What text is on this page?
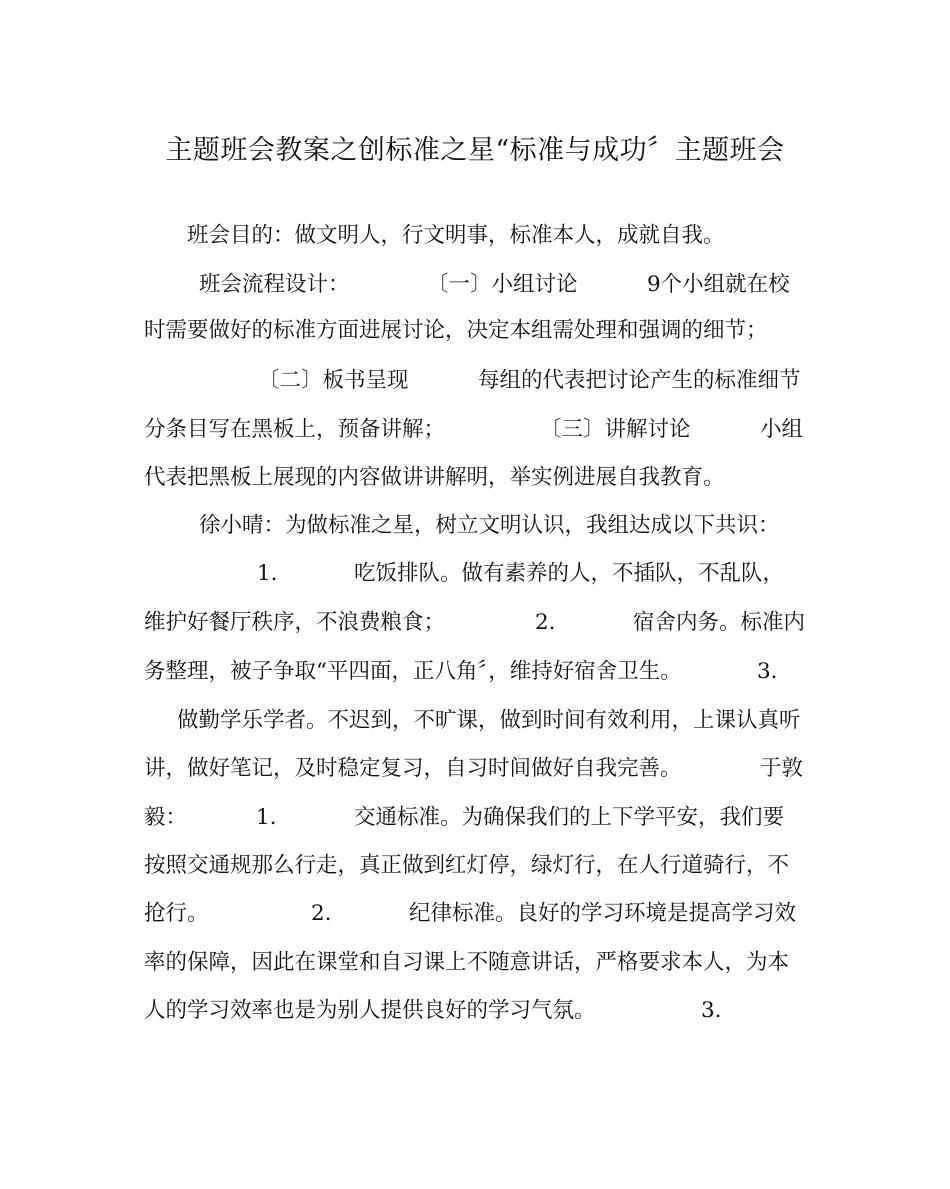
主题班会教案之创标准之星“标准与成功〞主题班会
班会目的：做文明人，行文明事，标准本人，成就自我。
班会流程设计：	〔一〕小组讨论	9个小组就在校
时需要做好的标准方面进展讨论，决定本组需处理和强调的细节；
〔二〕板书呈现	每组的代表把讨论产生的标准细节
分条目写在黑板上，预备讲解；	〔三〕讲解讨论	小组
代表把黑板上展现的内容做讲讲解明，举实例进展自我教育。
徐小晴：为做标准之星，树立文明认识，我组达成以下共识：
1.	吃饭排队。做有素养的人，不插队，不乱队，
维护好餐厅秩序，不浪费粮食；	2.	宿舍内务。标准内
务整理，被子争取“平四面，正八角〞，维持好宿舍卫生。	3.
做勤学乐学者。不迟到，不旷课，做到时间有效利用，上课认真听
讲，做好笔记，及时稳定复习，自习时间做好自我完善。	于敦
毅：	1.	交通标准。为确保我们的上下学平安，我们要
按照交通规那么行走，真正做到红灯停，绿灯行，在人行道骑行，不
抢行。	2.	纪律标准。良好的学习环境是提高学习效
率的保障，因此在课堂和自习课上不随意讲话，严格要求本人，为本
人的学习效率也是为别人提供良好的学习气氛。	3.
